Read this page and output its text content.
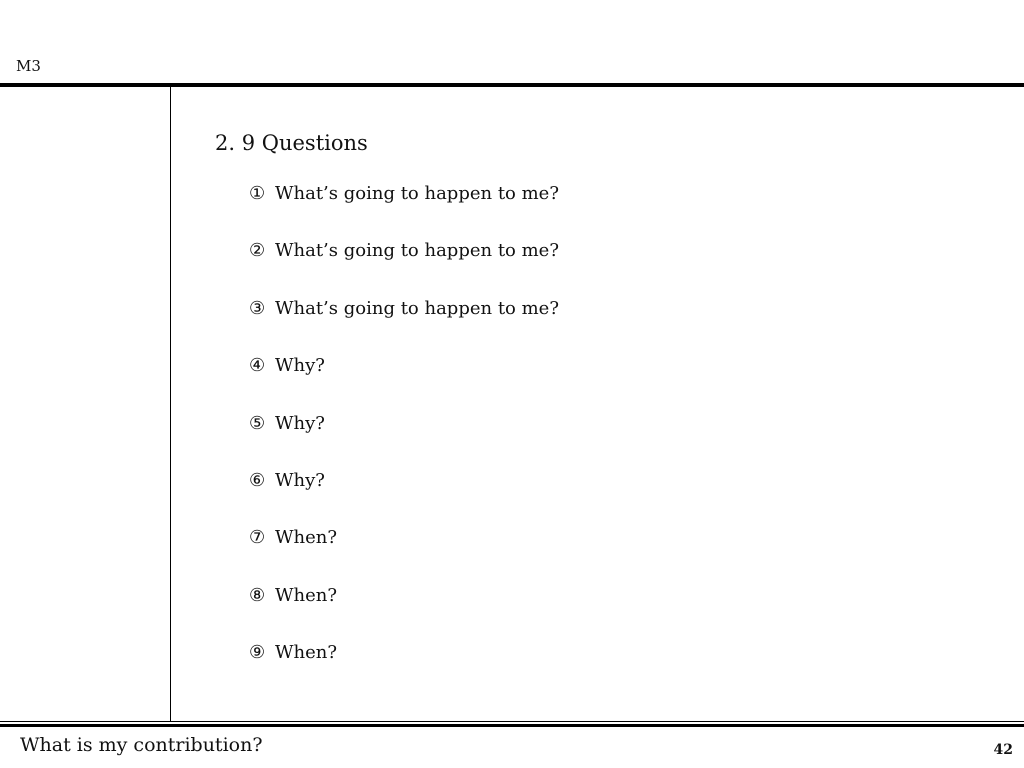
M3
2. 9 Questions
① What’s going to happen to me?
② What’s going to happen to me?
③ What’s going to happen to me?
④ Why?
⑤ Why?
⑥ Why?
⑦ When?
⑧ When?
⑨ When?
What is my contribution?	42
